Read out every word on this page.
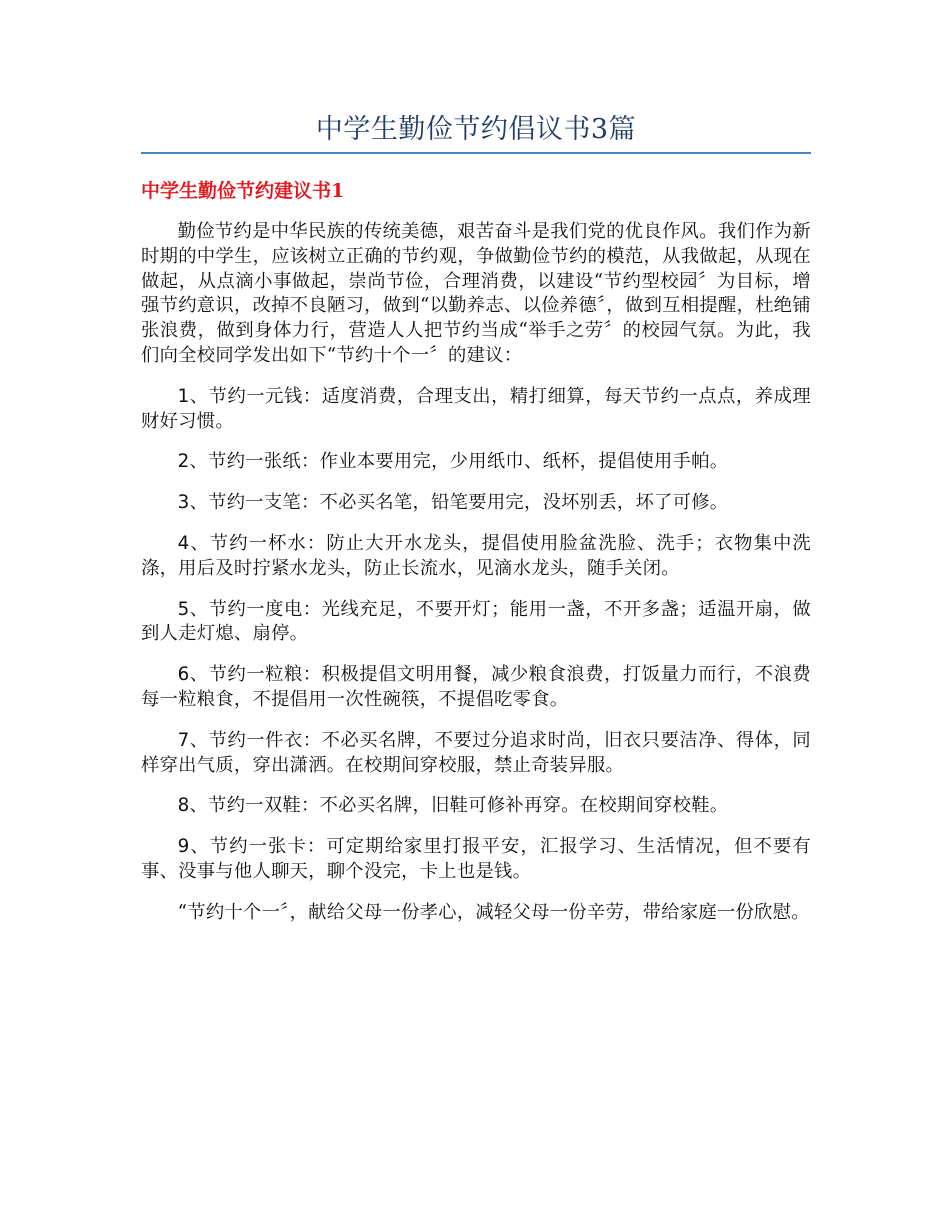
中学生勤俭节约倡议书3篇
中学生勤俭节约建议书1

勤俭节约是中华民族的传统美德，艰苦奋斗是我们党的优良作风。我们作为新时期的中学生，应该树立正确的节约观，争做勤俭节约的模范，从我做起，从现在做起，从点滴小事做起，崇尚节俭，合理消费，以建设“节约型校园〞为目标，增强节约意识，改掉不良陋习，做到“以勤养志、以俭养德〞，做到互相提醒，杜绝铺张浪费，做到身体力行，营造人人把节约当成“举手之劳〞的校园气氛。为此，我们向全校同学发出如下“节约十个一〞的建议：

1、节约一元钱：适度消费，合理支出，精打细算，每天节约一点点，养成理财好习惯。

2、节约一张纸：作业本要用完，少用纸巾、纸杯，提倡使用手帕。

3、节约一支笔：不必买名笔，铅笔要用完，没坏别丢，坏了可修。

4、节约一杯水：防止大开水龙头，提倡使用脸盆洗脸、洗手；衣物集中洗涤，用后及时拧紧水龙头，防止长流水，见滴水龙头，随手关闭。

5、节约一度电：光线充足，不要开灯；能用一盏，不开多盏；适温开扇，做到人走灯熄、扇停。

6、节约一粒粮：积极提倡文明用餐，减少粮食浪费，打饭量力而行，不浪费每一粒粮食，不提倡用一次性碗筷，不提倡吃零食。

7、节约一件衣：不必买名牌，不要过分追求时尚，旧衣只要洁净、得体，同样穿出气质，穿出潇洒。在校期间穿校服，禁止奇装异服。

8、节约一双鞋：不必买名牌，旧鞋可修补再穿。在校期间穿校鞋。

9、节约一张卡：可定期给家里打报平安，汇报学习、生活情况，但不要有事、没事与他人聊天，聊个没完，卡上也是钱。

“节约十个一〞，献给父母一份孝心，减轻父母一份辛劳，带给家庭一份欣慰。
